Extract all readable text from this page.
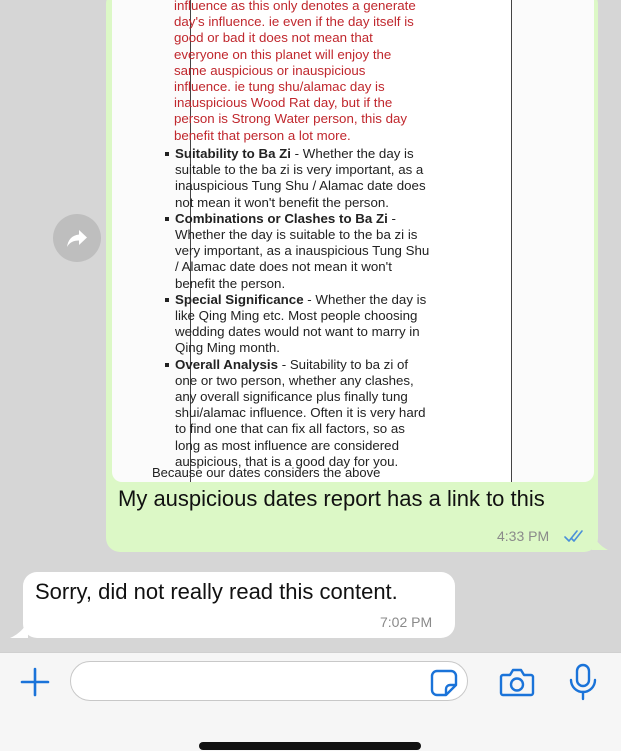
influence as this only denotes a generate day's influence. ie even if the day itself is good or bad it does not mean that everyone on this planet will enjoy the same auspicious or inauspicious influence. ie tung shu/alamac day is inauspicious Wood Rat day, but if the person is Strong Water person, this day benefit that person a lot more.

Suitability to Ba Zi - Whether the day is suitable to the ba zi is very important, as a inauspicious Tung Shu / Alamac date does not mean it won't benefit the person.
Combinations or Clashes to Ba Zi - Whether the day is suitable to the ba zi is very important, as a inauspicious Tung Shu / Alamac date does not mean it won't benefit the person.
Special Significance - Whether the day is like Qing Ming etc. Most people choosing wedding dates would not want to marry in Qing Ming month.
Overall Analysis - Suitability to ba zi of one or two person, whether any clashes, any overall significance plus finally tung shui/alamac influence. Often it is very hard to find one that can fix all factors, so as long as most influence are considered auspicious, that is a good day for you.
Because our dates considers the above

My auspicious dates report has a link to this

4:33 PM

Sorry, did not really read this content.

7:02 PM
